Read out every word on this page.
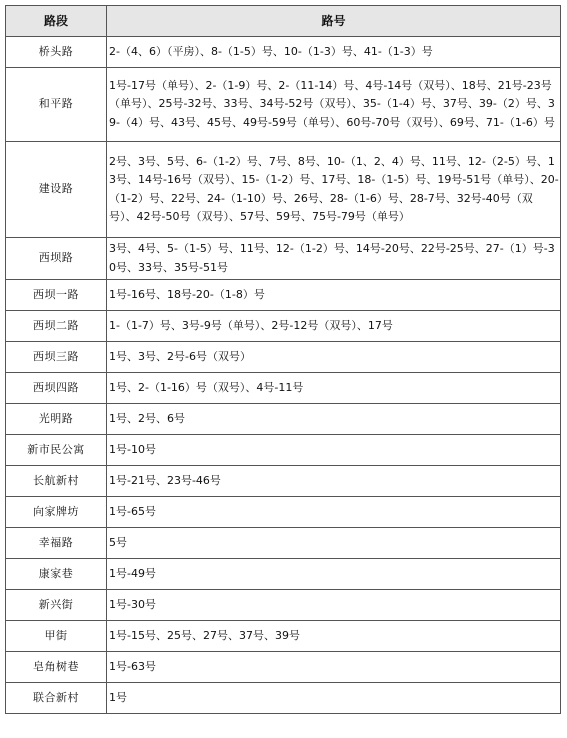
路段	路号
桥头路	2-（4、6）（平房）、8-（1-5）号、10-（1-3）号、41-（1-3）号
和平路	1号-17号（单号）、2-（1-9）号、2-（11-14）号、4号-14号（双号）、18号、21号-23号（单号）、25号-32号、33号、34号-52号（双号）、35-（1-4）号、37号、39-（2）号、39-（4）号、43号、45号、49号-59号（单号）、60号-70号（双号）、69号、71-（1-6）号
建设路	2号、3号、5号、6-（1-2）号、7号、8号、10-（1、2、4）号、11号、12-（2-5）号、13号、14号-16号（双号）、15-（1-2）号、17号、18-（1-5）号、19号-51号（单号）、20-（1-2）号、22号、24-（1-10）号、26号、28-（1-6）号、28-7号、32号-40号（双号）、42号-50号（双号）、57号、59号、75号-79号（单号）
西坝路	3号、4号、5-（1-5）号、11号、12-（1-2）号、14号-20号、22号-25号、27-（1）号-30号、33号、35号-51号
西坝一路	1号-16号、18号-20-（1-8）号
西坝二路	1-（1-7）号、3号-9号（单号）、2号-12号（双号）、17号
西坝三路	1号、3号、2号-6号（双号）
西坝四路	1号、2-（1-16）号（双号）、4号-11号
光明路	1号、2号、6号
新市民公寓	1号-10号
长航新村	1号-21号、23号-46号
向家牌坊	1号-65号
幸福路	5号
康家巷	1号-49号
新兴街	1号-30号
甲街	1号-15号、25号、27号、37号、39号
皂角树巷	1号-63号
联合新村	1号
